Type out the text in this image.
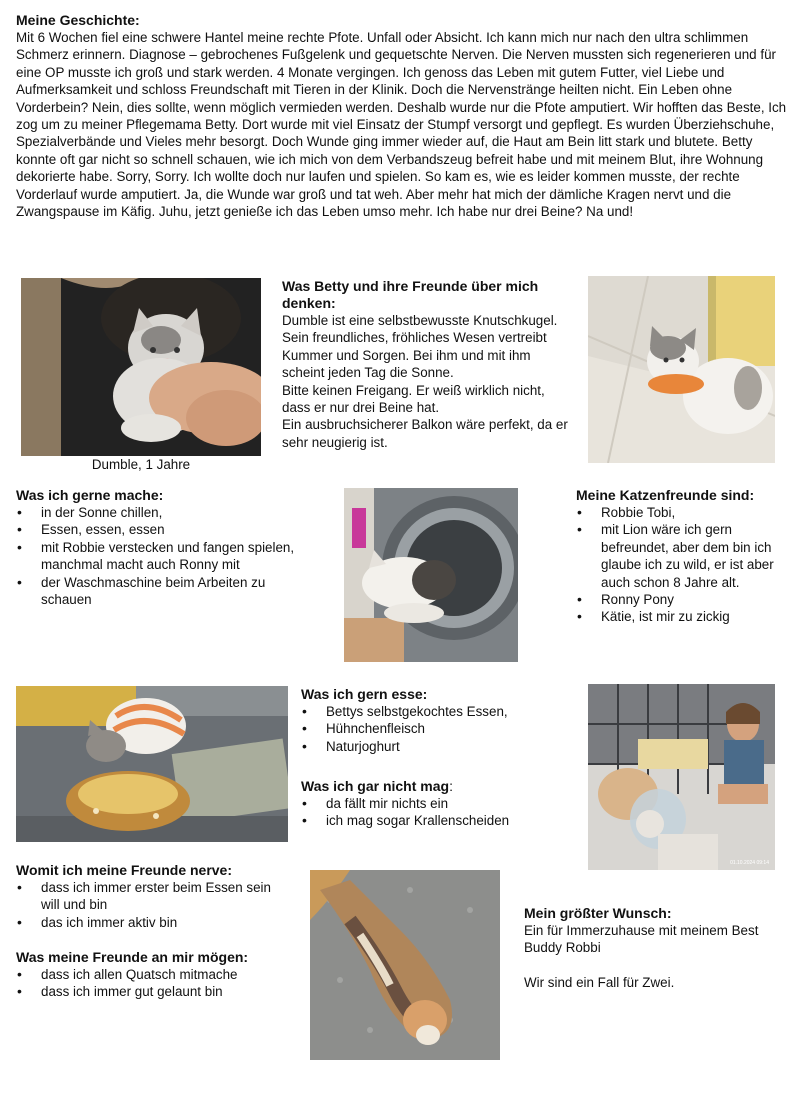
Meine Geschichte:

Mit 6 Wochen fiel eine schwere Hantel meine rechte Pfote. Unfall oder Absicht. Ich kann mich nur nach den ultra schlimmen Schmerz erinnern. Diagnose – gebrochenes Fußgelenk und gequetschte Nerven. Die Nerven mussten sich regenerieren und für eine OP musste ich groß und stark werden. 4 Monate vergingen. Ich genoss das Leben mit gutem Futter, viel Liebe und Aufmerksamkeit und schloss Freundschaft mit Tieren in der Klinik. Doch die Nervenstränge heilten nicht. Ein Leben ohne Vorderbein? Nein, dies sollte, wenn möglich vermieden werden. Deshalb wurde nur die Pfote amputiert. Wir hofften das Beste, Ich zog um zu meiner Pflegemama Betty. Dort wurde mit viel Einsatz der Stumpf versorgt und gepflegt. Es wurden Überziehschuhe, Spezialverbände und Vieles mehr besorgt. Doch Wunde ging immer wieder auf, die Haut am Bein litt stark und blutete. Betty konnte oft gar nicht so schnell schauen, wie ich mich von dem Verbandszeug befreit habe und mit meinem Blut, ihre Wohnung dekorierte habe. Sorry, Sorry. Ich wollte doch nur laufen und spielen. So kam es, wie es leider kommen musste, der rechte Vorderlauf wurde amputiert. Ja, die Wunde war groß und tat weh. Aber mehr hat mich der dämliche Kragen nervt und die Zwangspause im Käfig. Juhu, jetzt genieße ich das Leben umso mehr. Ich habe nur drei Beine? Na und!

Dumble, 1 Jahre
Was Betty und ihre Freunde über mich denken:

Dumble ist eine selbstbewusste Knutschkugel. Sein freundliches, fröhliches Wesen vertreibt Kummer und Sorgen. Bei ihm und mit ihm scheint jeden Tag die Sonne.

Bitte keinen Freigang. Er weiß wirklich nicht, dass er nur drei Beine hat.

Ein ausbruchsicherer Balkon wäre perfekt, da er sehr neugierig ist.

Was ich gerne mache:
• in der Sonne chillen,
• Essen, essen, essen
• mit Robbie verstecken und fangen spielen, manchmal macht auch Ronny mit
• der Waschmaschine beim Arbeiten zu schauen
Meine Katzenfreunde sind:
• Robbie Tobi,
• mit Lion wäre ich gern befreundet, aber dem bin ich glaube ich zu wild, er ist aber auch schon 8 Jahre alt.
• Ronny Pony
• Kätie, ist mir zu zickig
Was ich gern esse:
• Bettys selbstgekochtes Essen,
• Hühnchenfleisch
• Naturjoghurt
Was ich gar nicht mag:
• da fällt mir nichts ein
• ich mag sogar Krallenscheiden
01.10.2024 09:14
Womit ich meine Freunde nerve:
• dass ich immer erster beim Essen sein will und bin
• das ich immer aktiv bin
Was meine Freunde an mir mögen:
• dass ich allen Quatsch mitmache
• dass ich immer gut gelaunt bin
Mein größter Wunsch:

Ein für Immerzuhause mit meinem Best Buddy Robbi

Wir sind ein Fall für Zwei.
